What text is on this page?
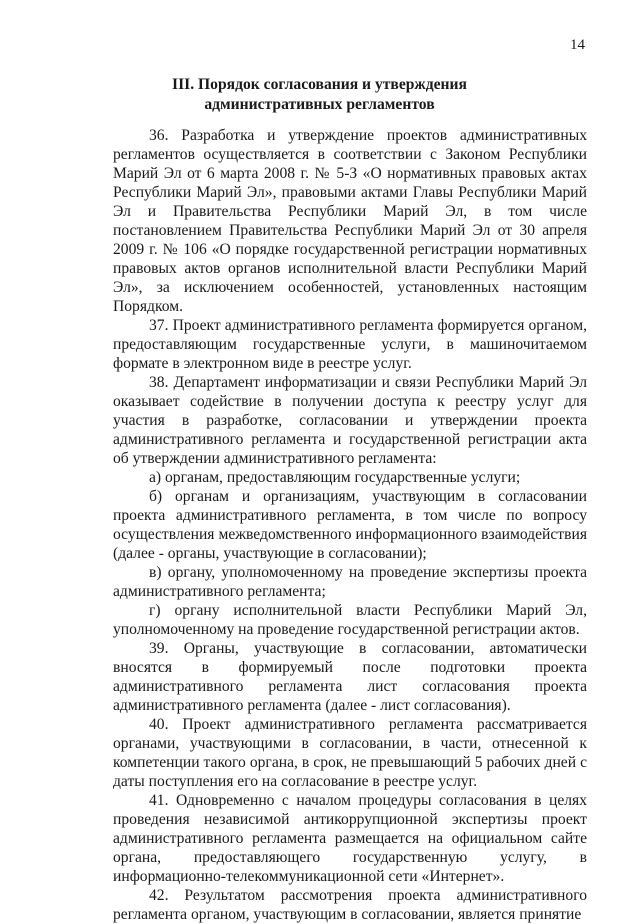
14
III. Порядок согласования и утверждения
административных регламентов

36. Разработка и утверждение проектов административных регламентов осуществляется в соответствии с Законом Республики Марий Эл от 6 марта 2008 г. № 5-З «О нормативных правовых актах Республики Марий Эл», правовыми актами Главы Республики Марий Эл и Правительства Республики Марий Эл, в том числе постановлением Правительства Республики Марий Эл от 30 апреля 2009 г. № 106 «О порядке государственной регистрации нормативных правовых актов органов исполнительной власти Республики Марий Эл», за исключением особенностей, установленных настоящим Порядком.

37. Проект административного регламента формируется органом, предоставляющим государственные услуги, в машиночитаемом формате в электронном виде в реестре услуг.

38. Департамент информатизации и связи Республики Марий Эл оказывает содействие в получении доступа к реестру услуг для участия в разработке, согласовании и утверждении проекта административного регламента и государственной регистрации акта об утверждении административного регламента:

а) органам, предоставляющим государственные услуги;

б) органам и организациям, участвующим в согласовании проекта административного регламента, в том числе по вопросу осуществления межведомственного информационного взаимодействия (далее - органы, участвующие в согласовании);

в) органу, уполномоченному на проведение экспертизы проекта административного регламента;

г) органу исполнительной власти Республики Марий Эл, уполномоченному на проведение государственной регистрации актов.

39. Органы, участвующие в согласовании, автоматически вносятся в формируемый после подготовки проекта административного регламента лист согласования проекта административного регламента (далее - лист согласования).

40. Проект административного регламента рассматривается органами, участвующими в согласовании, в части, отнесенной к компетенции такого органа, в срок, не превышающий 5 рабочих дней с даты поступления его на согласование в реестре услуг.

41. Одновременно с началом процедуры согласования в целях проведения независимой антикоррупционной экспертизы проект административного регламента размещается на официальном сайте органа, предоставляющего государственную услугу, в информационно-телекоммуникационной сети «Интернет».

42. Результатом рассмотрения проекта административного регламента органом, участвующим в согласовании, является принятие
